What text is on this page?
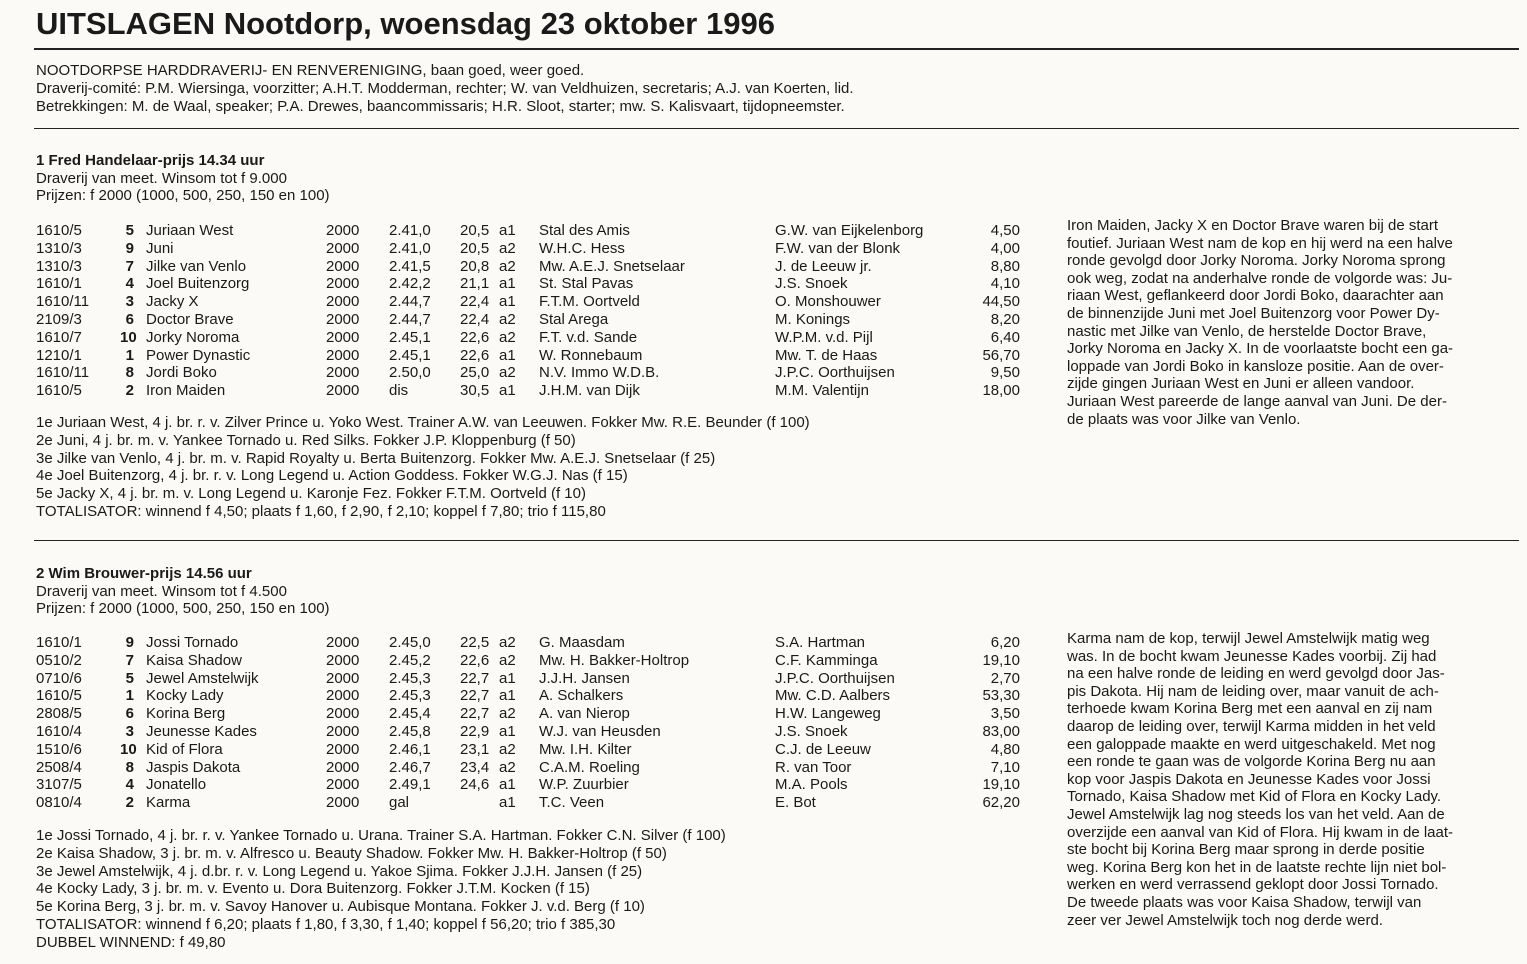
UITSLAGEN Nootdorp, woensdag 23 oktober 1996
NOOTDORPSE HARDDRAVERIJ- EN RENVERENIGING, baan goed, weer goed.
Draverij-comité: P.M. Wiersinga, voorzitter; A.H.T. Modderman, rechter; W. van Veldhuizen, secretaris; A.J. van Koerten, lid.
Betrekkingen: M. de Waal, speaker; P.A. Drewes, baancommissaris; H.R. Sloot, starter; mw. S. Kalisvaart, tijdopneemster.
1 Fred Handelaar-prijs 14.34 uur
Draverij van meet. Winsom tot f 9.000
Prijzen: f 2000 (1000, 500, 250, 150 en 100)
1610/5	5 Juriaan West	2000 2.41,0 20,5 a1 Stal des Amis	G.W. van Eijkelenborg	4,50
1310/3	9 Juni	2000 2.41,0 20,5 a2 W.H.C. Hess	F.W. van der Blonk	4,00
1310/3	7 Jilke van Venlo	2000 2.41,5 20,8 a2 Mw. A.E.J. Snetselaar	J. de Leeuw jr.	8,80
1610/1	4 Joel Buitenzorg	2000 2.42,2 21,1 a1 St. Stal Pavas	J.S. Snoek	4,10
1610/11	3 Jacky X	2000 2.44,7 22,4 a1 F.T.M. Oortveld	O. Monshouwer	44,50
2109/3	6 Doctor Brave	2000 2.44,7 22,4 a2 Stal Arega	M. Konings	8,20
1610/7	10 Jorky Noroma	2000 2.45,1 22,6 a2 F.T. v.d. Sande	W.P.M. v.d. Pijl	6,40
1210/1	1 Power Dynastic	2000 2.45,1 22,6 a1 W. Ronnebaum	Mw. T. de Haas	56,70
1610/11	8 Jordi Boko	2000 2.50,0 25,0 a2 N.V. Immo W.D.B.	J.P.C. Oorthuijsen	9,50
1610/5	2 Iron Maiden	2000 dis	30,5 a1 J.H.M. van Dijk	M.M. Valentijn	18,00
1e Juriaan West, 4 j. br. r. v. Zilver Prince u. Yoko West. Trainer A.W. van Leeuwen. Fokker Mw. R.E. Beunder (f 100)
2e Juni, 4 j. br. m. v. Yankee Tornado u. Red Silks. Fokker J.P. Kloppenburg (f 50)
3e Jilke van Venlo, 4 j. br. m. v. Rapid Royalty u. Berta Buitenzorg. Fokker Mw. A.E.J. Snetselaar (f 25)
4e Joel Buitenzorg, 4 j. br. r. v. Long Legend u. Action Goddess. Fokker W.G.J. Nas (f 15)
5e Jacky X, 4 j. br. m. v. Long Legend u. Karonje Fez. Fokker F.T.M. Oortveld (f 10)
TOTALISATOR: winnend f 4,50; plaats f 1,60, f 2,90, f 2,10; koppel f 7,80; trio f 115,80
Iron Maiden, Jacky X en Doctor Brave waren bij de start
foutief. Juriaan West nam de kop en hij werd na een halve
ronde gevolgd door Jorky Noroma. Jorky Noroma sprong
ook weg, zodat na anderhalve ronde de volgorde was: Ju-
riaan West, geflankeerd door Jordi Boko, daarachter aan
de binnenzijde Juni met Joel Buitenzorg voor Power Dy-
nastic met Jilke van Venlo, de herstelde Doctor Brave,
Jorky Noroma en Jacky X. In de voorlaatste bocht een ga-
loppade van Jordi Boko in kansloze positie. Aan de over-
zijde gingen Juriaan West en Juni er alleen vandoor.
Juriaan West pareerde de lange aanval van Juni. De der-
de plaats was voor Jilke van Venlo.
2 Wim Brouwer-prijs 14.56 uur
Draverij van meet. Winsom tot f 4.500
Prijzen: f 2000 (1000, 500, 250, 150 en 100)
1610/1	9 Jossi Tornado	2000 2.45,0 22,5 a2 G. Maasdam	S.A. Hartman	6,20
0510/2	7 Kaisa Shadow	2000 2.45,2 22,6 a2 Mw. H. Bakker-Holtrop	C.F. Kamminga	19,10
0710/6	5 Jewel Amstelwijk	2000 2.45,3 22,7 a1 J.J.H. Jansen	J.P.C. Oorthuijsen	2,70
1610/5	1 Kocky Lady	2000 2.45,3 22,7 a1 A. Schalkers	Mw. C.D. Aalbers	53,30
2808/5	6 Korina Berg	2000 2.45,4 22,7 a2 A. van Nierop	H.W. Langeweg	3,50
1610/4	3 Jeunesse Kades	2000 2.45,8 22,9 a1 W.J. van Heusden	J.S. Snoek	83,00
1510/6	10 Kid of Flora	2000 2.46,1 23,1 a2 Mw. I.H. Kilter	C.J. de Leeuw	4,80
2508/4	8 Jaspis Dakota	2000 2.46,7 23,4 a2 C.A.M. Roeling	R. van Toor	7,10
3107/5	4 Jonatello	2000 2.49,1 24,6 a1 W.P. Zuurbier	M.A. Pools	19,10
0810/4	2 Karma	2000 gal	a1 T.C. Veen	E. Bot	62,20
1e Jossi Tornado, 4 j. br. r. v. Yankee Tornado u. Urana. Trainer S.A. Hartman. Fokker C.N. Silver (f 100)
2e Kaisa Shadow, 3 j. br. m. v. Alfresco u. Beauty Shadow. Fokker Mw. H. Bakker-Holtrop (f 50)
3e Jewel Amstelwijk, 4 j. d.br. r. v. Long Legend u. Yakoe Sjima. Fokker J.J.H. Jansen (f 25)
4e Kocky Lady, 3 j. br. m. v. Evento u. Dora Buitenzorg. Fokker J.T.M. Kocken (f 15)
5e Korina Berg, 3 j. br. m. v. Savoy Hanover u. Aubisque Montana. Fokker J. v.d. Berg (f 10)
TOTALISATOR: winnend f 6,20; plaats f 1,80, f 3,30, f 1,40; koppel f 56,20; trio f 385,30
DUBBEL WINNEND: f 49,80
Karma nam de kop, terwijl Jewel Amstelwijk matig weg
was. In de bocht kwam Jeunesse Kades voorbij. Zij had
na een halve ronde de leiding en werd gevolgd door Jas-
pis Dakota. Hij nam de leiding over, maar vanuit de ach-
terhoede kwam Korina Berg met een aanval en zij nam
daarop de leiding over, terwijl Karma midden in het veld
een galoppade maakte en werd uitgeschakeld. Met nog
een ronde te gaan was de volgorde Korina Berg nu aan
kop voor Jaspis Dakota en Jeunesse Kades voor Jossi
Tornado, Kaisa Shadow met Kid of Flora en Kocky Lady.
Jewel Amstelwijk lag nog steeds los van het veld. Aan de
overzijde een aanval van Kid of Flora. Hij kwam in de laat-
ste bocht bij Korina Berg maar sprong in derde positie
weg. Korina Berg kon het in de laatste rechte lijn niet bol-
werken en werd verrassend geklopt door Jossi Tornado.
De tweede plaats was voor Kaisa Shadow, terwijl van
zeer ver Jewel Amstelwijk toch nog derde werd.
